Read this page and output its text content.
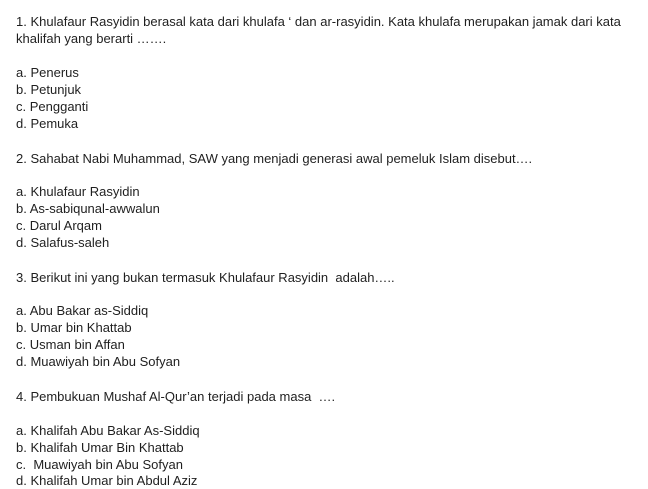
1. Khulafaur Rasyidin berasal kata dari khulafa ‘ dan ar-rasyidin. Kata khulafa merupakan jamak dari kata khalifah yang berarti …….
a. Penerus
b. Petunjuk
c. Pengganti
d. Pemuka
2. Sahabat Nabi Muhammad, SAW yang menjadi generasi awal pemeluk Islam disebut….
a. Khulafaur Rasyidin
b. As-sabiqunal-awwalun
c. Darul Arqam
d. Salafus-saleh
3. Berikut ini yang bukan termasuk Khulafaur Rasyidin  adalah…..
a. Abu Bakar as-Siddiq
b. Umar bin Khattab
c. Usman bin Affan
d. Muawiyah bin Abu Sofyan
4. Pembukuan Mushaf Al-Qur’an terjadi pada masa  ….
a. Khalifah Abu Bakar As-Siddiq
b. Khalifah Umar Bin Khattab
c.  Muawiyah bin Abu Sofyan
d. Khalifah Umar bin Abdul Aziz
